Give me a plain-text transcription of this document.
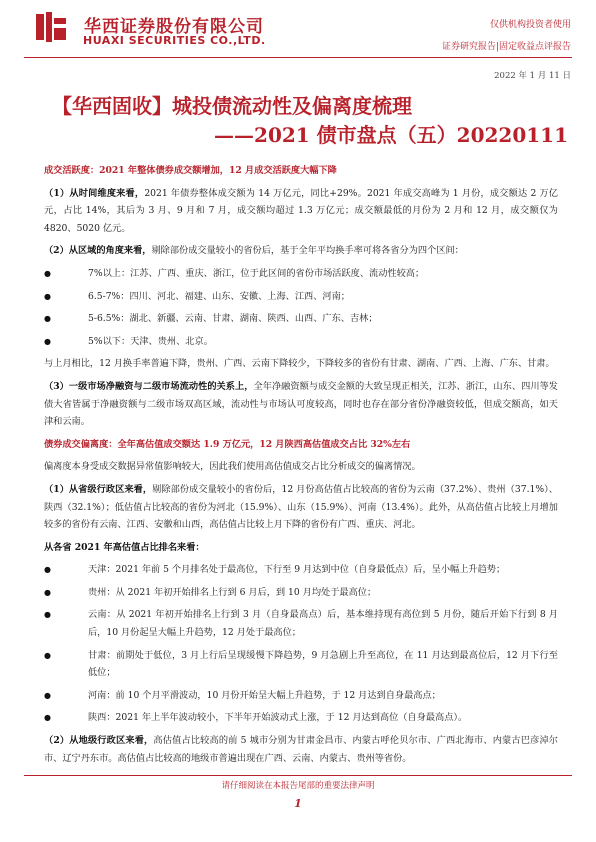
华西证券股份有限公司
HUAXI SECURITIES CO.,LTD.
仅供机构投资者使用
证券研究报告|固定收益点评报告
2022 年 1 月 11 日
【华西固收】城投债流动性及偏离度梳理
——2021 债市盘点（五）20220111

成交活跃度：2021 年整体债券成交额增加，12 月成交活跃度大幅下降

（1）从时间维度来看，2021 年债券整体成交额为 14 万亿元，同比+29%。2021 年成交高峰为 1 月份，成交额达 2 万亿元，占比 14%，其后为 3 月、9 月和 7 月，成交额均超过 1.3 万亿元；成交额最低的月份为 2 月和 12 月，成交额仅为 4820、5020 亿元。

（2）从区域的角度来看，剔除部份成交量较小的省份后，基于全年平均换手率可将各省分为四个区间：

● 7%以上：江苏、广西、重庆、浙江，位于此区间的省份市场活跃度、流动性较高；

● 6.5-7%：四川、河北、福建、山东、安徽、上海、江西、河南；

● 5-6.5%：湖北、新疆、云南、甘肃、湖南、陕西、山西、广东、吉林；

● 5%以下：天津、贵州、北京。

与上月相比，12 月换手率普遍下降，贵州、广西、云南下降较少，下降较多的省份有甘肃、湖南、广西、上海、广东、甘肃。

（3）一级市场净融资与二级市场流动性的关系上，全年净融资额与成交金额的大致呈现正相关，江苏、浙江，山东、四川等发债大省皆属于净融资额与二级市场双高区域，流动性与市场认可度较高，同时也存在部分省份净融资较低，但成交额高，如天津和云南。

债券成交偏离度：全年高估值成交额达 1.9 万亿元，12 月陕西高估值成交占比 32%左右

偏离度本身受成交数据异常值影响较大，因此我们使用高估值成交占比分析成交的偏离情况。

（1）从省级行政区来看，剔除部份成交量较小的省份后，12 月份高估值占比较高的省份为云南（37.2%）、贵州（37.1%）、陕西（32.1%）；低估值占比较高的省份为河北（15.9%）、山东（15.9%）、河南（13.4%）。此外，从高估值占比较上月增加较多的省份有云南、江西、安徽和山西，高估值占比较上月下降的省份有广西、重庆、河北。

从各省 2021 年高估值占比排名来看：

● 天津：2021 年前 5 个月排名处于最高位，下行至 9 月达到中位（自身最低点）后，呈小幅上升趋势；

● 贵州：从 2021 年初开始排名上行到 6 月后，到 10 月均处于最高位；

● 云南：从 2021 年初开始排名上行到 3 月（自身最高点）后，基本维持现有高位到 5 月份，随后开始下行到 8 月后，10 月份起呈大幅上升趋势，12 月处于最高位；

● 甘肃：前期处于低位，3 月上行后呈现缓慢下降趋势，9 月急剧上升至高位，在 11 月达到最高位后，12 月下行至低位；

● 河南：前 10 个月平滑波动，10 月份开始呈大幅上升趋势，于 12 月达到自身最高点；

● 陕西：2021 年上半年波动较小，下半年开始波动式上涨，于 12 月达到高位（自身最高点）。

（2）从地级行政区来看，高估值占比较高的前 5 城市分别为甘肃金昌市、内蒙古呼伦贝尔市、广西北海市、内蒙古巴彦淖尔市、辽宁丹东市。高估值占比较高的地级市普遍出现在广西、云南、内蒙古、贵州等省份。

请仔细阅读在本报告尾部的重要法律声明
1
